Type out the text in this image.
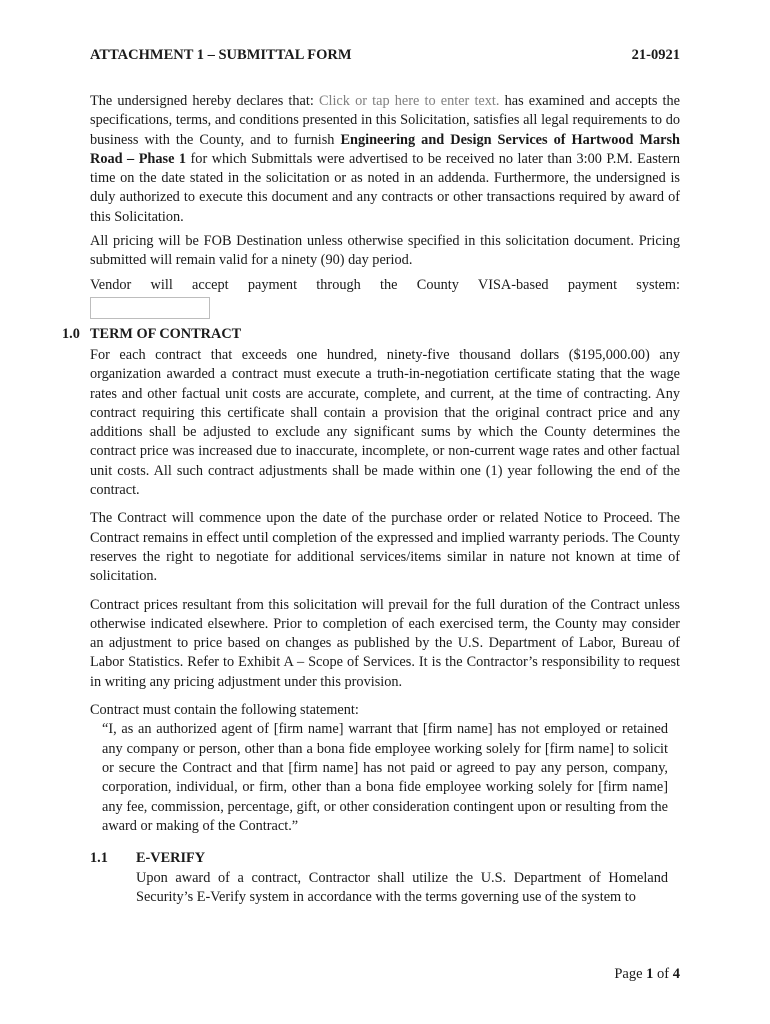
ATTACHMENT 1 – SUBMITTAL FORM	21-0921

The undersigned hereby declares that: Click or tap here to enter text. has examined and accepts the specifications, terms, and conditions presented in this Solicitation, satisfies all legal requirements to do business with the County, and to furnish Engineering and Design Services of Hartwood Marsh Road – Phase 1 for which Submittals were advertised to be received no later than 3:00 P.M. Eastern time on the date stated in the solicitation or as noted in an addenda. Furthermore, the undersigned is duly authorized to execute this document and any contracts or other transactions required by award of this Solicitation.

All pricing will be FOB Destination unless otherwise specified in this solicitation document. Pricing submitted will remain valid for a ninety (90) day period.

Vendor will accept payment through the County VISA-based payment system:

1.0 TERM OF CONTRACT

For each contract that exceeds one hundred, ninety-five thousand dollars ($195,000.00) any organization awarded a contract must execute a truth-in-negotiation certificate stating that the wage rates and other factual unit costs are accurate, complete, and current, at the time of contracting. Any contract requiring this certificate shall contain a provision that the original contract price and any additions shall be adjusted to exclude any significant sums by which the County determines the contract price was increased due to inaccurate, incomplete, or non-current wage rates and other factual unit costs. All such contract adjustments shall be made within one (1) year following the end of the contract.

The Contract will commence upon the date of the purchase order or related Notice to Proceed. The Contract remains in effect until completion of the expressed and implied warranty periods. The County reserves the right to negotiate for additional services/items similar in nature not known at time of solicitation.

Contract prices resultant from this solicitation will prevail for the full duration of the Contract unless otherwise indicated elsewhere. Prior to completion of each exercised term, the County may consider an adjustment to price based on changes as published by the U.S. Department of Labor, Bureau of Labor Statistics. Refer to Exhibit A – Scope of Services. It is the Contractor’s responsibility to request in writing any pricing adjustment under this provision.

Contract must contain the following statement:

“I, as an authorized agent of [firm name] warrant that [firm name] has not employed or retained any company or person, other than a bona fide employee working solely for [firm name] to solicit or secure the Contract and that [firm name] has not paid or agreed to pay any person, company, corporation, individual, or firm, other than a bona fide employee working solely for [firm name] any fee, commission, percentage, gift, or other consideration contingent upon or resulting from the award or making of the Contract.”

1.1 E-VERIFY

Upon award of a contract, Contractor shall utilize the U.S. Department of Homeland Security’s E-Verify system in accordance with the terms governing use of the system to

Page 1 of 4
